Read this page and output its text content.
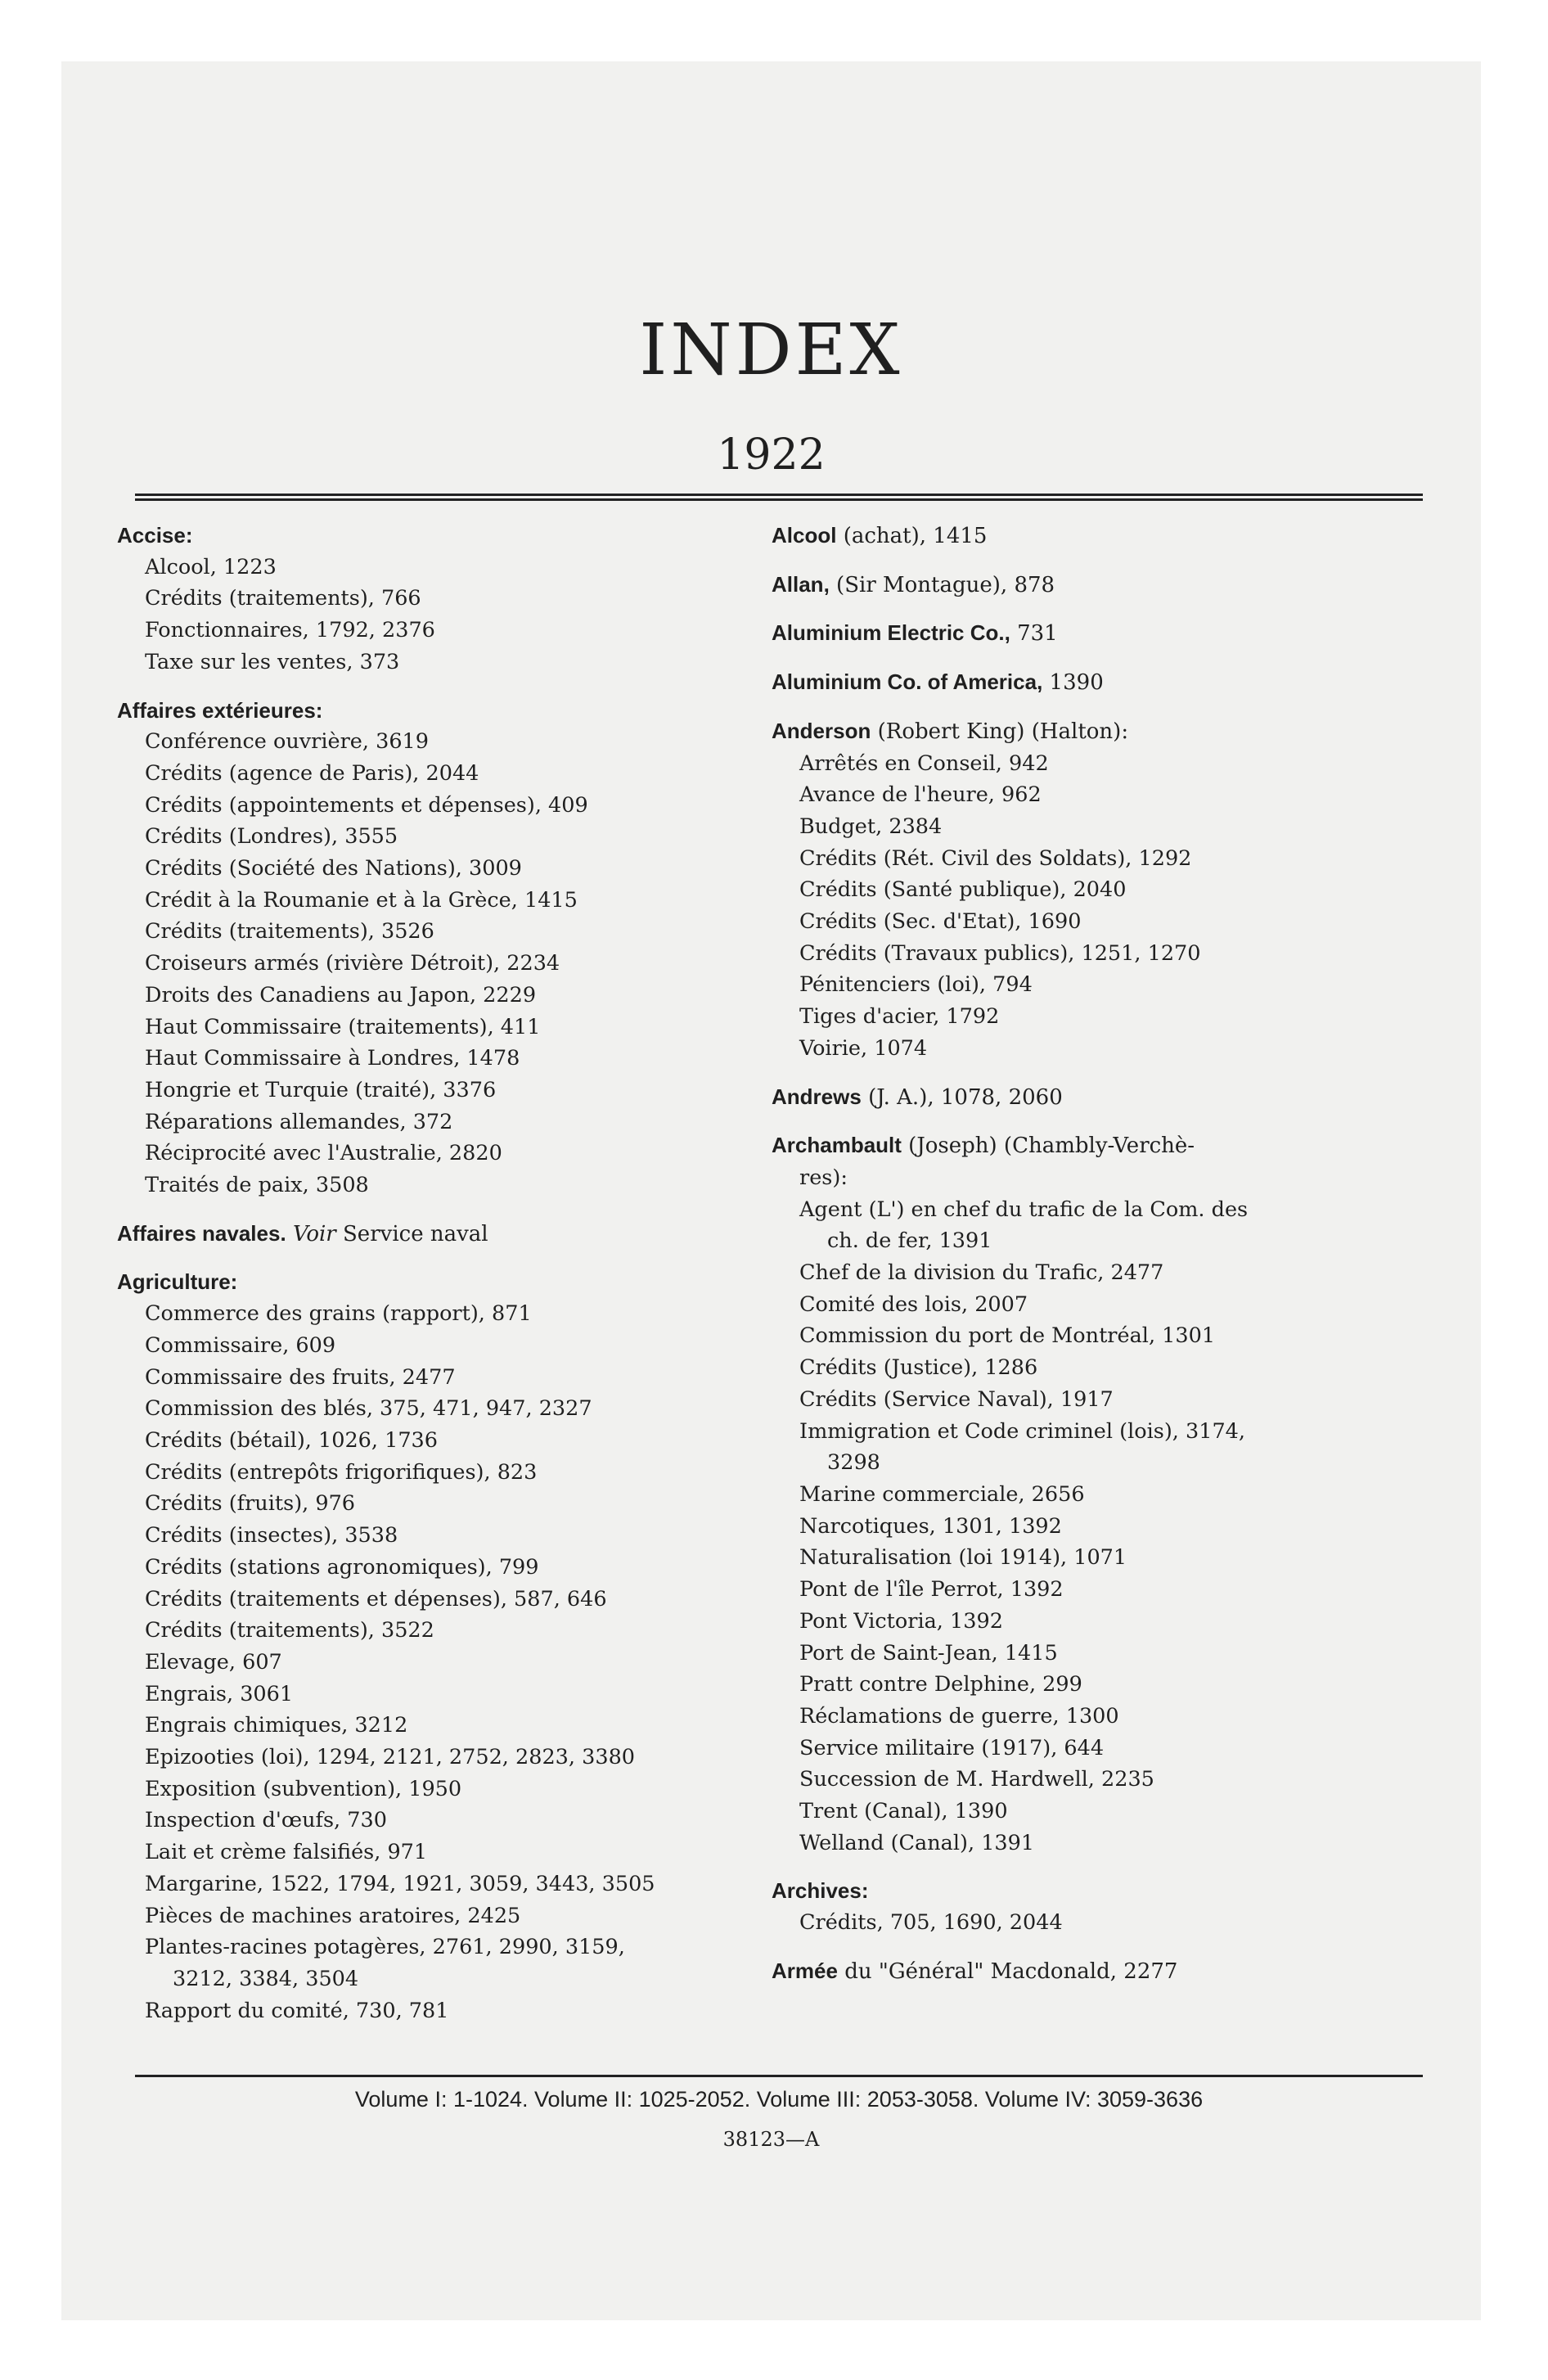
INDEX
1922
Accise:
Alcool, 1223
Crédits (traitements), 766
Fonctionnaires, 1792, 2376
Taxe sur les ventes, 373
Affaires extérieures:
Conférence ouvrière, 3619
Crédits (agence de Paris), 2044
Crédits (appointements et dépenses), 409
Crédits (Londres), 3555
Crédits (Société des Nations), 3009
Crédit à la Roumanie et à la Grèce, 1415
Crédits (traitements), 3526
Croiseurs armés (rivière Détroit), 2234
Droits des Canadiens au Japon, 2229
Haut Commissaire (traitements), 411
Haut Commissaire à Londres, 1478
Hongrie et Turquie (traité), 3376
Réparations allemandes, 372
Réciprocité avec l'Australie, 2820
Traités de paix, 3508
Affaires navales. Voir Service naval
Agriculture:
Commerce des grains (rapport), 871
Commissaire, 609
Commissaire des fruits, 2477
Commission des blés, 375, 471, 947, 2327
Crédits (bétail), 1026, 1736
Crédits (entrepôts frigorifiques), 823
Crédits (fruits), 976
Crédits (insectes), 3538
Crédits (stations agronomiques), 799
Crédits (traitements et dépenses), 587, 646
Crédits (traitements), 3522
Elevage, 607
Engrais, 3061
Engrais chimiques, 3212
Epizooties (loi), 1294, 2121, 2752, 2823, 3380
Exposition (subvention), 1950
Inspection d'œufs, 730
Lait et crème falsifiés, 971
Margarine, 1522, 1794, 1921, 3059, 3443, 3505
Pièces de machines aratoires, 2425
Plantes-racines potagères, 2761, 2990, 3159,
3212, 3384, 3504
Rapport du comité, 730, 781
Alcool (achat), 1415
Allan, (Sir Montague), 878
Aluminium Electric Co., 731
Aluminium Co. of America, 1390
Anderson (Robert King) (Halton):
Arrêtés en Conseil, 942
Avance de l'heure, 962
Budget, 2384
Crédits (Rét. Civil des Soldats), 1292
Crédits (Santé publique), 2040
Crédits (Sec. d'Etat), 1690
Crédits (Travaux publics), 1251, 1270
Pénitenciers (loi), 794
Tiges d'acier, 1792
Voirie, 1074
Andrews (J. A.), 1078, 2060
Archambault (Joseph) (Chambly-Verchè-
res):
Agent (L') en chef du trafic de la Com. des
ch. de fer, 1391
Chef de la division du Trafic, 2477
Comité des lois, 2007
Commission du port de Montréal, 1301
Crédits (Justice), 1286
Crédits (Service Naval), 1917
Immigration et Code criminel (lois), 3174,
3298
Marine commerciale, 2656
Narcotiques, 1301, 1392
Naturalisation (loi 1914), 1071
Pont de l'île Perrot, 1392
Pont Victoria, 1392
Port de Saint-Jean, 1415
Pratt contre Delphine, 299
Réclamations de guerre, 1300
Service militaire (1917), 644
Succession de M. Hardwell, 2235
Trent (Canal), 1390
Welland (Canal), 1391
Archives:
Crédits, 705, 1690, 2044
Armée du "Général" Macdonald, 2277
Volume I: 1-1024. Volume II: 1025-2052. Volume III: 2053-3058. Volume IV: 3059-3636
38123—A
